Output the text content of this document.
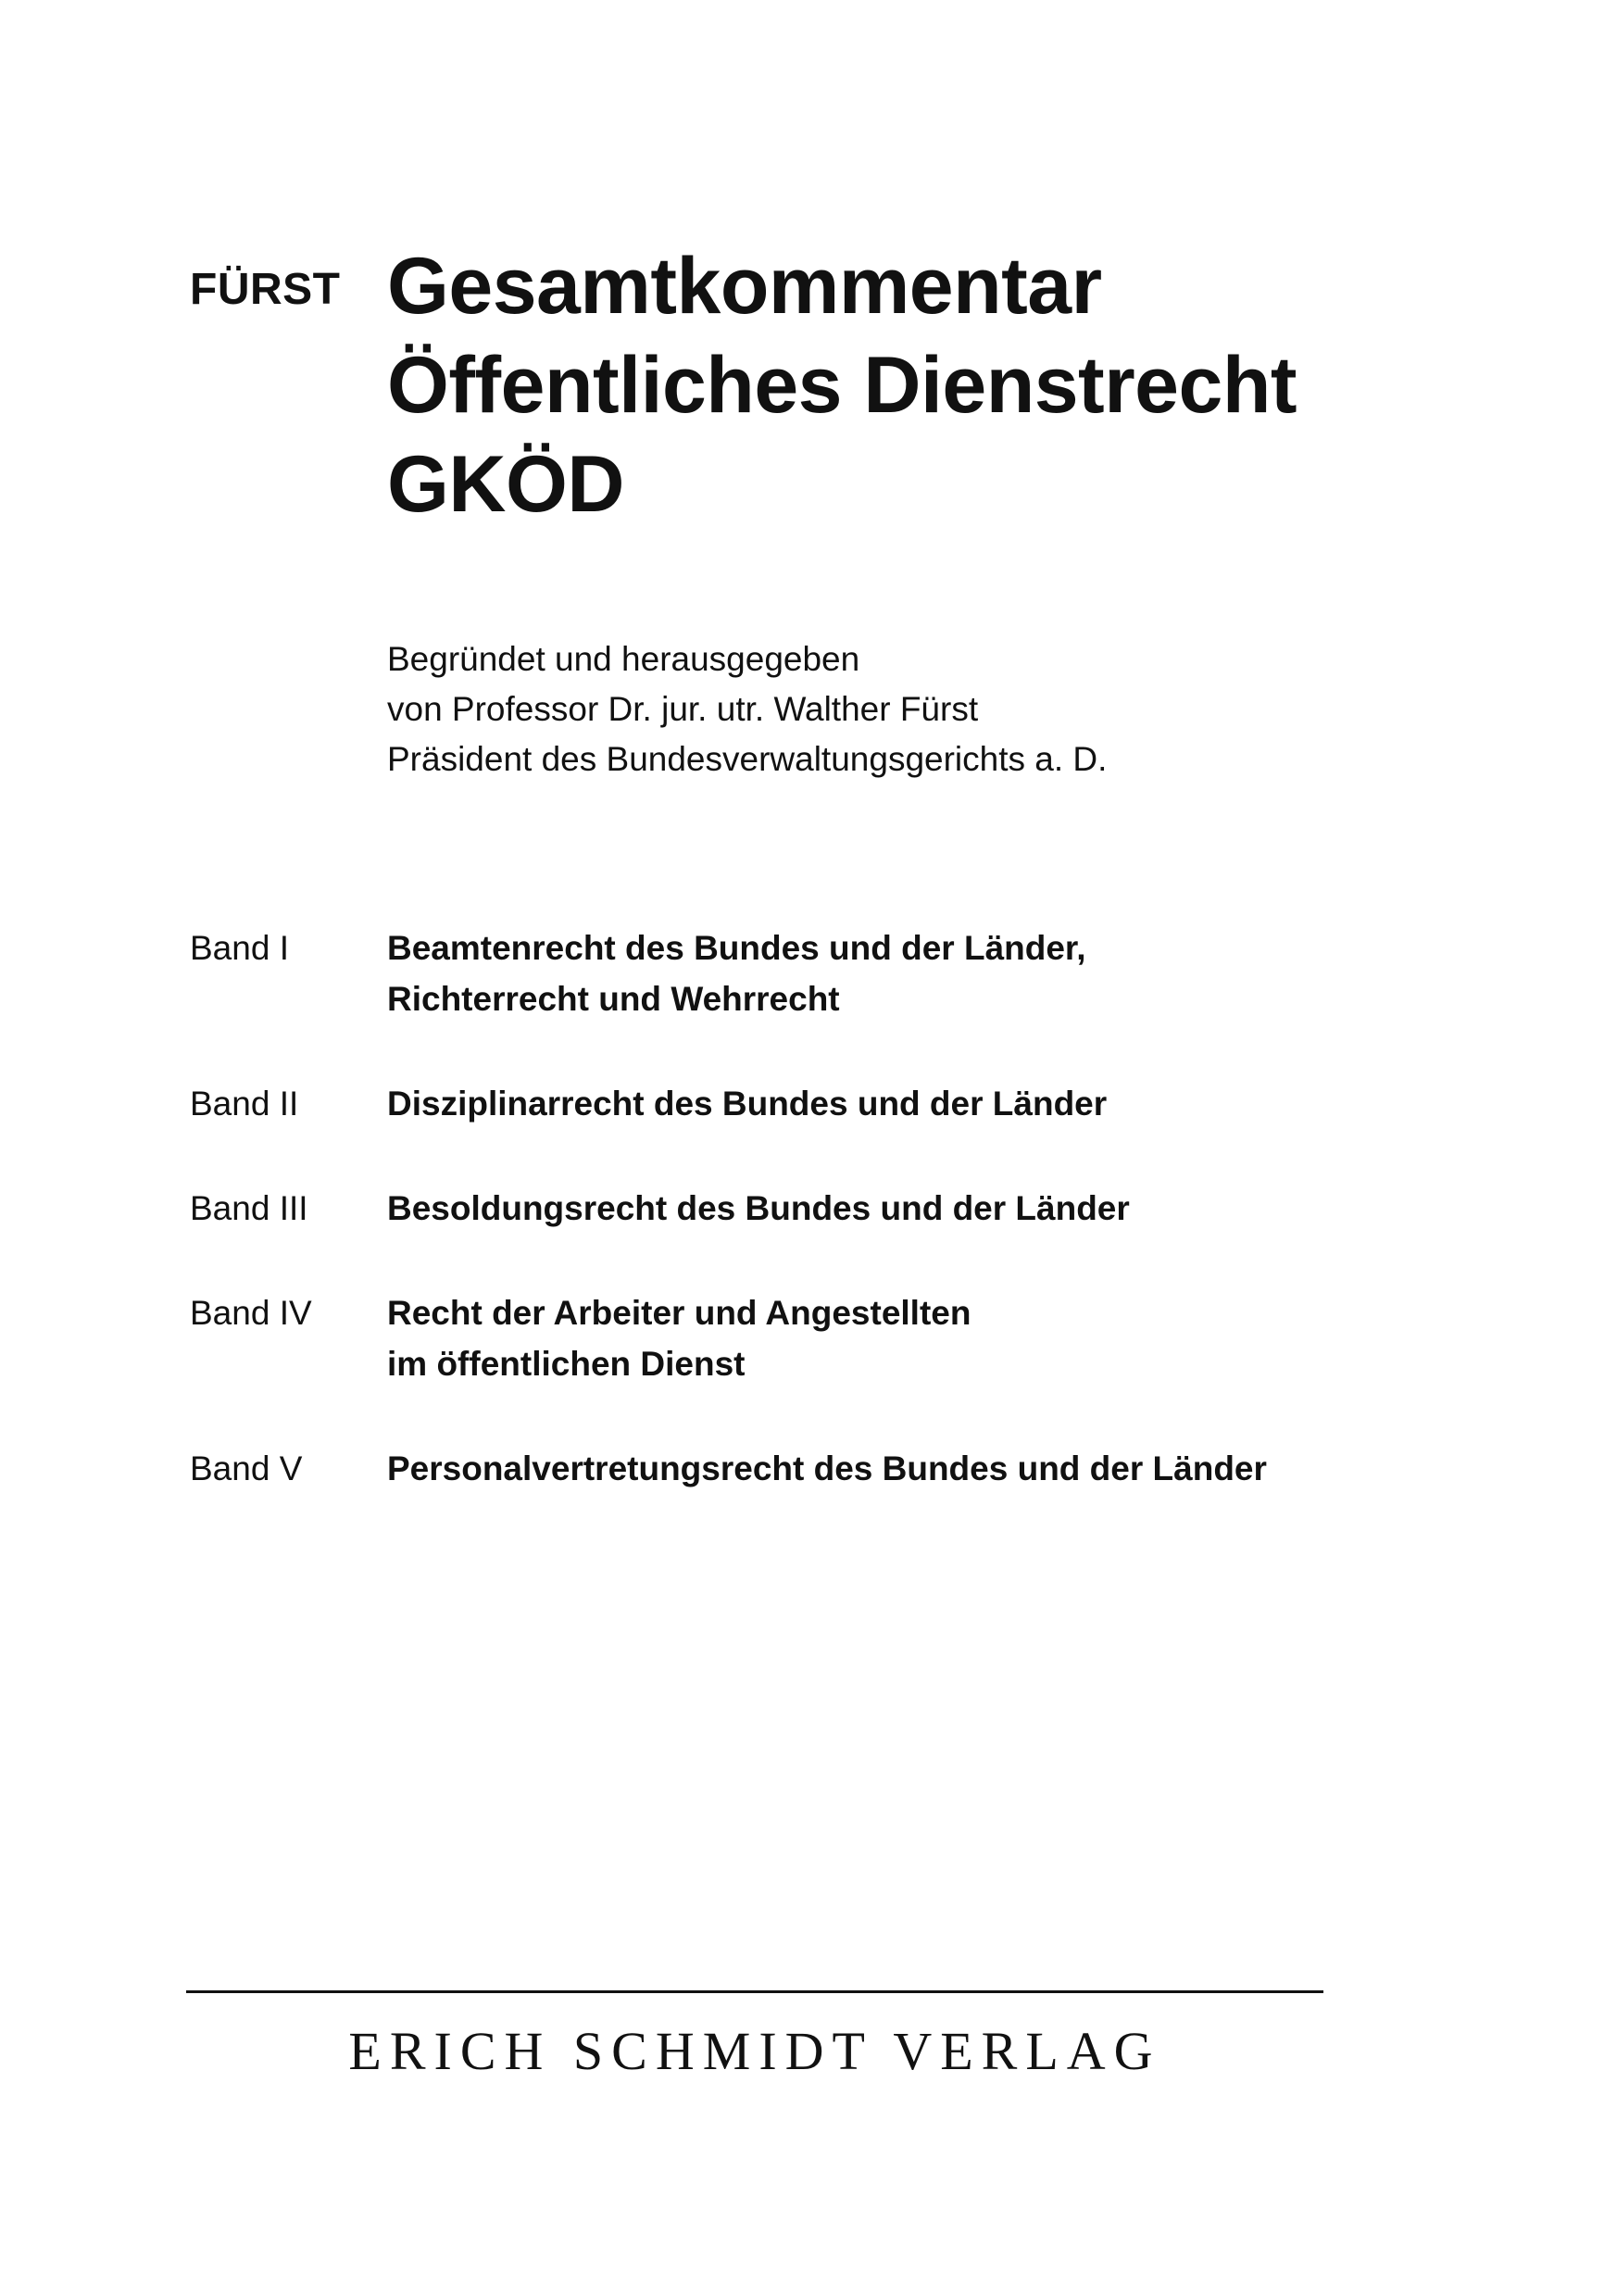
FÜRST Gesamtkommentar
Öffentliches Dienstrecht
GKÖD
Begründet und herausgegeben
von Professor Dr. jur. utr. Walther Fürst
Präsident des Bundesverwaltungsgerichts a. D.
Band I	Beamtenrecht des Bundes und der Länder,
Richterrecht und Wehrrecht
Band II	Disziplinarrecht des Bundes und der Länder
Band III	Besoldungsrecht des Bundes und der Länder
Band IV	Recht der Arbeiter und Angestellten
im öffentlichen Dienst
Band V	Personalvertretungsrecht des Bundes und der Länder
ERICH SCHMIDT VERLAG
